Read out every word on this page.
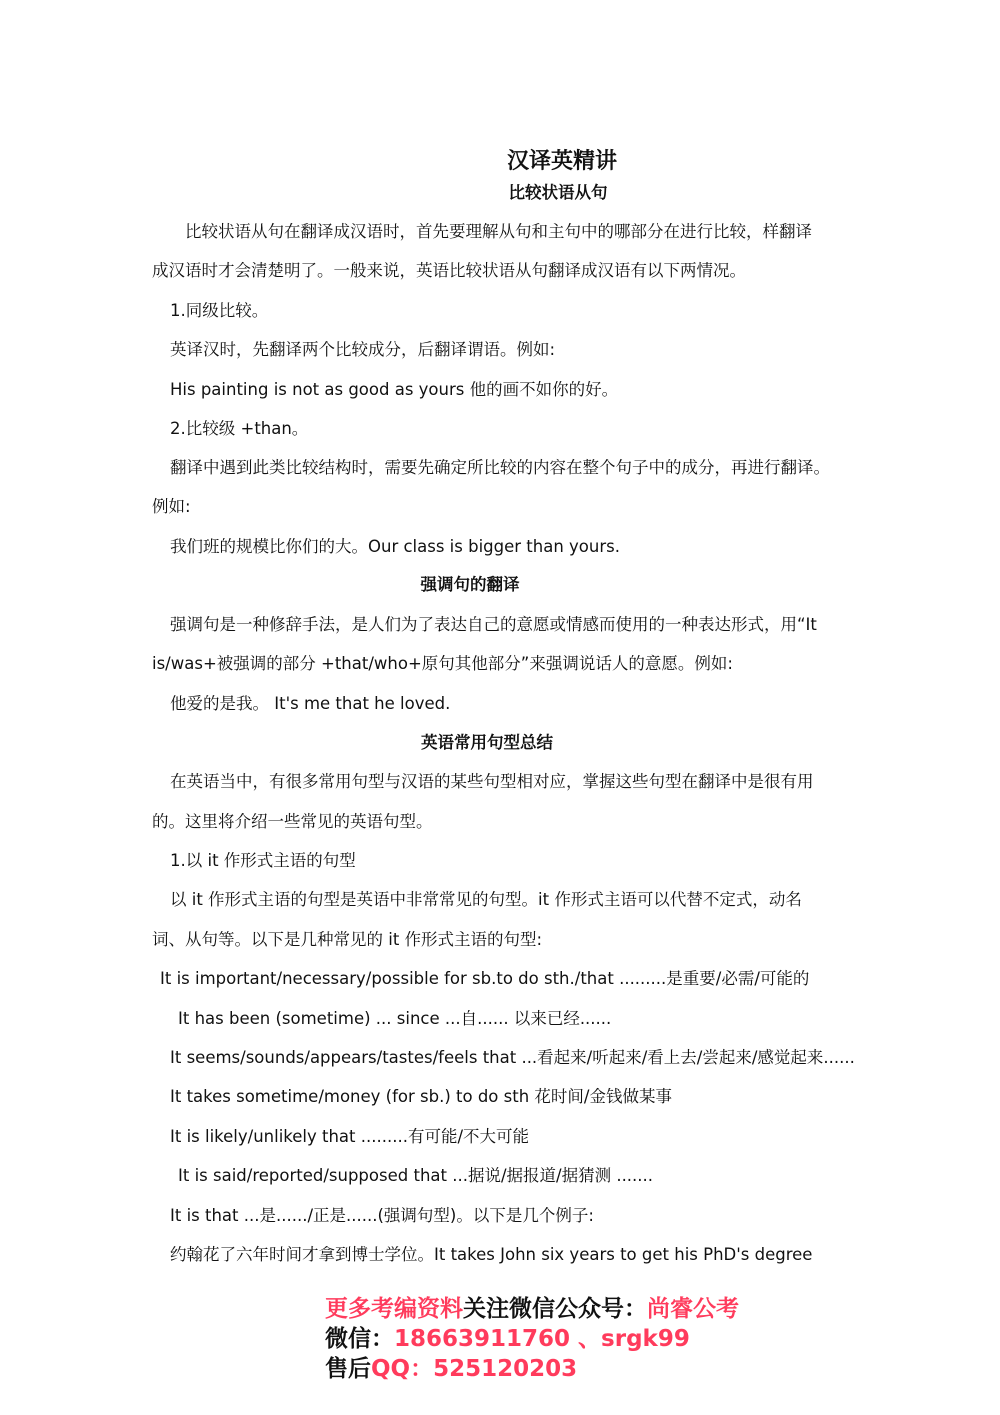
汉译英精讲
比较状语从句

比较状语从句在翻译成汉语时，首先要理解从句和主句中的哪部分在进行比较，样翻译

成汉语时才会清楚明了。一般来说，英语比较状语从句翻译成汉语有以下两情况。

1.同级比较。

英译汉时，先翻译两个比较成分，后翻译谓语。例如:

His painting is not as good as yours 他的画不如你的好。

2.比较级 +than。

翻译中遇到此类比较结构时，需要先确定所比较的内容在整个句子中的成分，再进行翻译。

例如:

我们班的规模比你们的大。Our class is bigger than yours.

强调句的翻译

强调句是一种修辞手法，是人们为了表达自己的意愿或情感而使用的一种表达形式，用“It

is/was+被强调的部分 +that/who+原句其他部分”来强调说话人的意愿。例如:

他爱的是我。 It's me that he loved.

英语常用句型总结

在英语当中，有很多常用句型与汉语的某些句型相对应，掌握这些句型在翻译中是很有用

的。这里将介绍一些常见的英语句型。

1.以 it 作形式主语的句型

以 it 作形式主语的句型是英语中非常常见的句型。it 作形式主语可以代替不定式，动名

词、从句等。以下是几种常见的 it 作形式主语的句型:

It is important/necessary/possible for sb.to do sth./that .........是重要/必需/可能的

It has been (sometime) ... since ...自...... 以来已经......

It seems/sounds/appears/tastes/feels that ...看起来/听起来/看上去/尝起来/感觉起来......

It takes sometime/money (for sb.) to do sth 花时间/金钱做某事

It is likely/unlikely that .........有可能/不大可能

It is said/reported/supposed that ...据说/据报道/据猜测 .......

It is that ...是....../正是......(强调句型)。以下是几个例子:

约翰花了六年时间才拿到博士学位。It takes John six years to get his PhD's degree

更多考编资料关注微信公众号：尚睿公考
微信：18663911760 、srgk99
售后QQ：525120203
